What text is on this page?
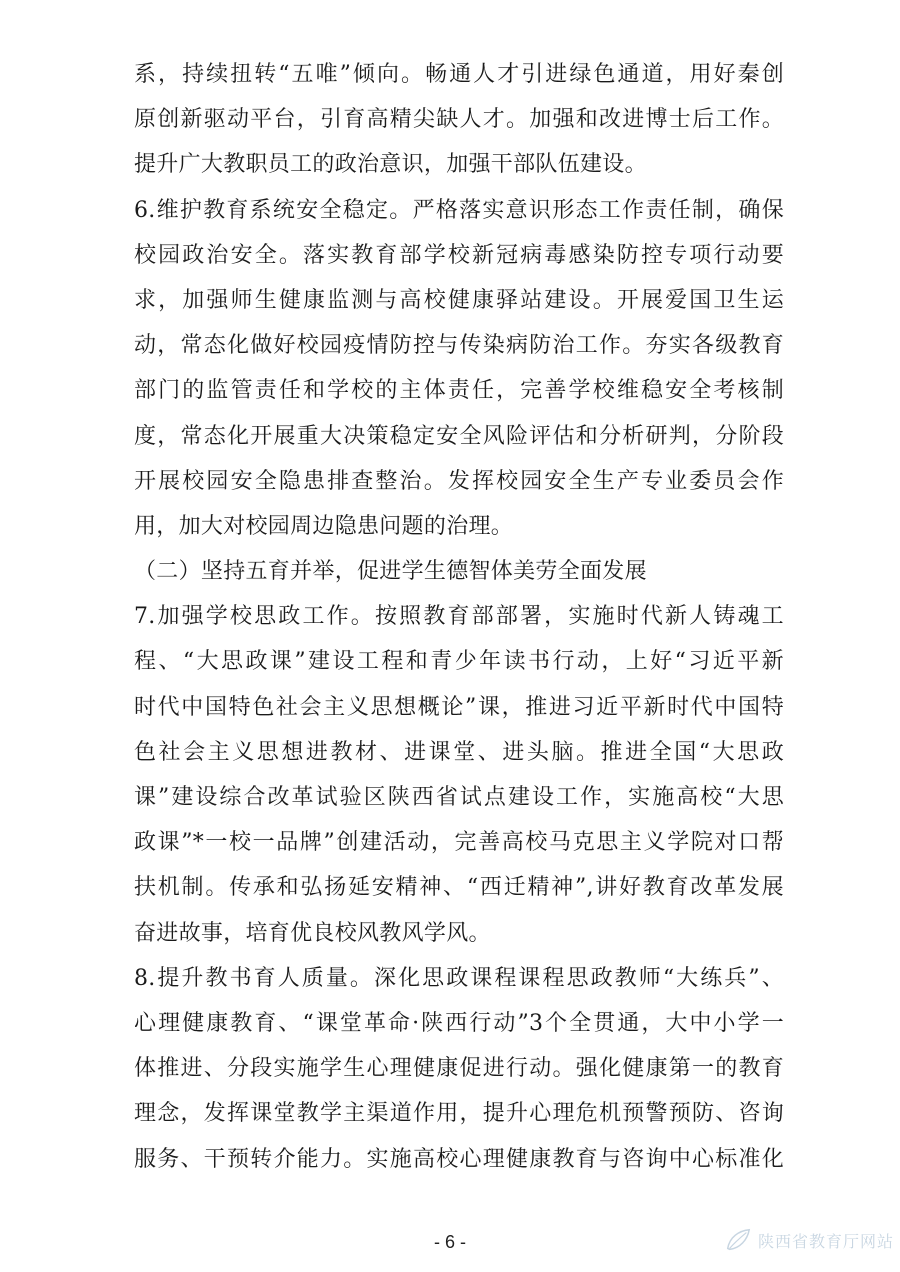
系，持续扭转“五唯”倾向。畅通人才引进绿色通道，用好秦创
原创新驱动平台，引育高精尖缺人才。加强和改进博士后工作。
提升广大教职员工的政治意识，加强干部队伍建设。
6.维护教育系统安全稳定。严格落实意识形态工作责任制，确保
校园政治安全。落实教育部学校新冠病毒感染防控专项行动要
求，加强师生健康监测与高校健康驿站建设。开展爱国卫生运
动，常态化做好校园疫情防控与传染病防治工作。夯实各级教育
部门的监管责任和学校的主体责任，完善学校维稳安全考核制
度，常态化开展重大决策稳定安全风险评估和分析研判，分阶段
开展校园安全隐患排查整治。发挥校园安全生产专业委员会作
用，加大对校园周边隐患问题的治理。
（二）坚持五育并举，促进学生德智体美劳全面发展
7.加强学校思政工作。按照教育部部署，实施时代新人铸魂工
程、“大思政课”建设工程和青少年读书行动，上好“习近平新
时代中国特色社会主义思想概论”课，推进习近平新时代中国特
色社会主义思想进教材、进课堂、进头脑。推进全国“大思政
课”建设综合改革试验区陕西省试点建设工作，实施高校“大思
政课”*一校一品牌”创建活动，完善高校马克思主义学院对口帮
扶机制。传承和弘扬延安精神、“西迁精神”,讲好教育改革发展
奋进故事，培育优良校风教风学风。
8.提升教书育人质量。深化思政课程课程思政教师“大练兵”、
心理健康教育、“课堂革命·陕西行动”3个全贯通，大中小学一
体推进、分段实施学生心理健康促进行动。强化健康第一的教育
理念，发挥课堂教学主渠道作用，提升心理危机预警预防、咨询
服务、干预转介能力。实施高校心理健康教育与咨询中心标准化
- 6 -	陕西省教育厅网站
